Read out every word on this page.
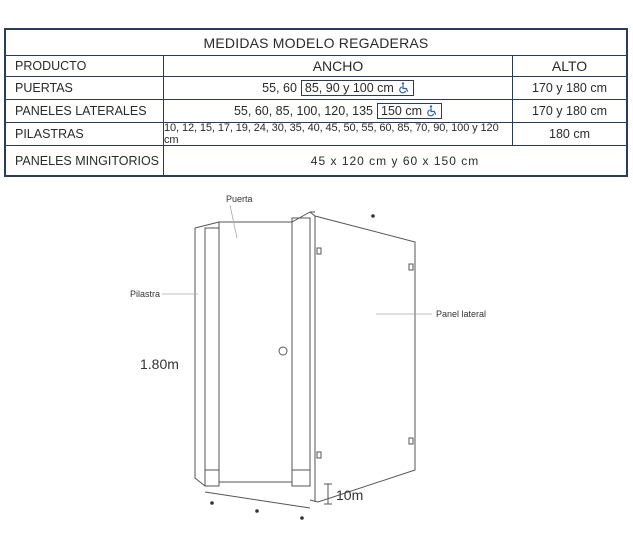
MEDIDAS MODELO REGADERAS
PRODUCTO	ANCHO	ALTO
PUERTAS	55, 60 85, 90 y 100 cm	170 y 180 cm
PANELES LATERALES	55, 60, 85, 100, 120, 135 150 cm	170 y 180 cm
PILASTRAS	10, 12, 15, 17, 19, 24, 30, 35, 40, 45, 50, 55, 60, 85, 70, 90, 100 y 120 cm	180 cm
PANELES MINGITORIOS	45 x 120 cm y 60 x 150 cm
Puerta
Pilastra
Panel lateral
1.80m
10m
